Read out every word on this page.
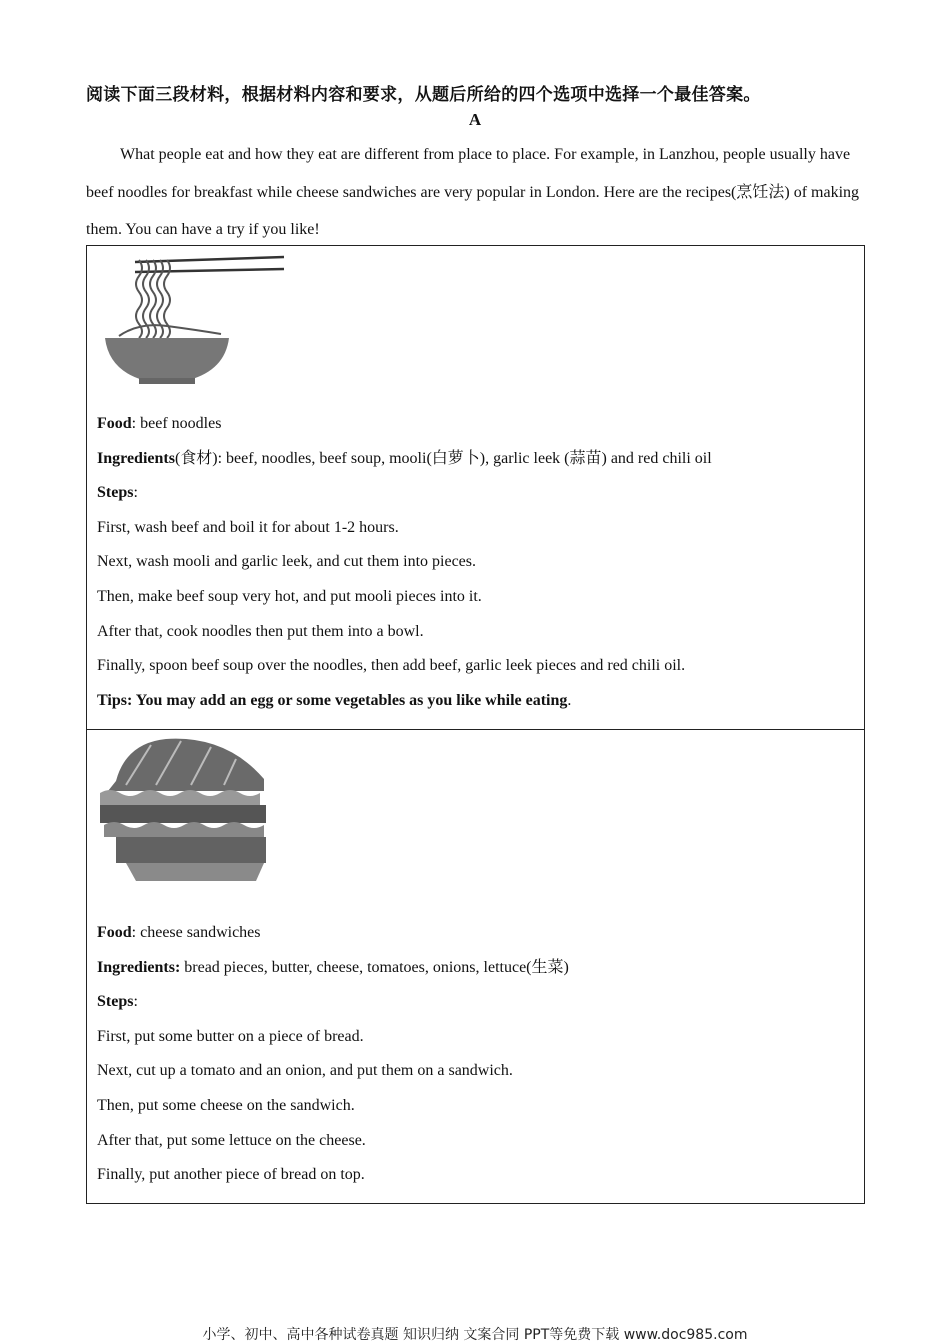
阅读下面三段材料，根据材料内容和要求，从题后所给的四个选项中选择一个最佳答案。
A

What people eat and how they eat are different from place to place. For example, in Lanzhou, people usually have beef noodles for breakfast while cheese sandwiches are very popular in London. Here are the recipes(烹饪法) of making them. You can have a try if you like!

Food: beef noodles
Ingredients(食材): beef, noodles, beef soup, mooli(白萝卜), garlic leek (蒜苗) and red chili oil
Steps:
First, wash beef and boil it for about 1-2 hours.
Next, wash mooli and garlic leek, and cut them into pieces.
Then, make beef soup very hot, and put mooli pieces into it.
After that, cook noodles then put them into a bowl.
Finally, spoon beef soup over the noodles, then add beef, garlic leek pieces and red chili oil.
Tips: You may add an egg or some vegetables as you like while eating.
Food: cheese sandwiches
Ingredients: bread pieces, butter, cheese, tomatoes, onions, lettuce(生菜)
Steps:
First, put some butter on a piece of bread.
Next, cut up a tomato and an onion, and put them on a sandwich.
Then, put some cheese on the sandwich.
After that, put some lettuce on the cheese.
Finally, put another piece of bread on top.
小学、初中、高中各种试卷真题 知识归纳 文案合同 PPT等免费下载 www.doc985.com
